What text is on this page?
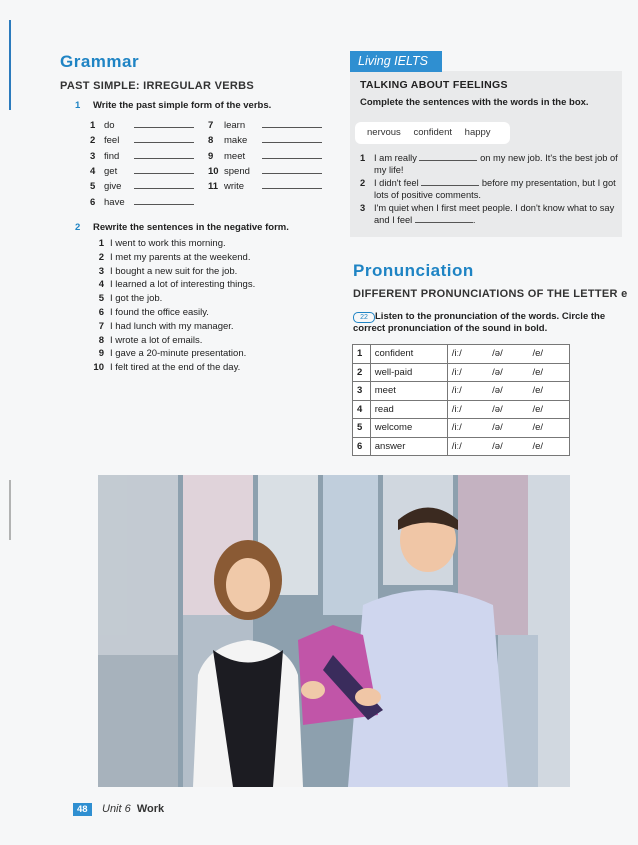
Grammar
PAST SIMPLE: IRREGULAR VERBS
1 Write the past simple form of the verbs.
2 Rewrite the sentences in the negative form.
1 I went to work this morning.
2 I met my parents at the weekend.
3 I bought a new suit for the job.
4 I learned a lot of interesting things.
5 I got the job.
6 I found the office easily.
7 I had lunch with my manager.
8 I wrote a lot of emails.
9 I gave a 20-minute presentation.
10 I felt tired at the end of the day.
Living IELTS
TALKING ABOUT FEELINGS
Complete the sentences with the words in the box.
nervous confident happy
1 I am really	on my new job. It's the best job of my life!
2 I didn't feel	before my presentation, but I got lots of positive comments.
3 I'm quiet when I first meet people. I don't know what to say and I feel	.
Pronunciation
DIFFERENT PRONUNCIATIONS OF THE LETTER e
Listen to the pronunciation of the words. Circle the correct pronunciation of the sound in bold.
22
1	confident	/iː/	/ə/	/e/
2	well-paid	/iː/	/ə/	/e/
3	meet	/iː/	/ə/	/e/
4	read	/iː/	/ə/	/e/
5	welcome	/iː/	/ə/	/e/
6	answer	/iː/	/ə/	/e/
48	Unit 6 Work
1 do
2 feel
3 find
4 get
5 give
6 have
7 learn
8 make
9 meet
10 spend
11 write
